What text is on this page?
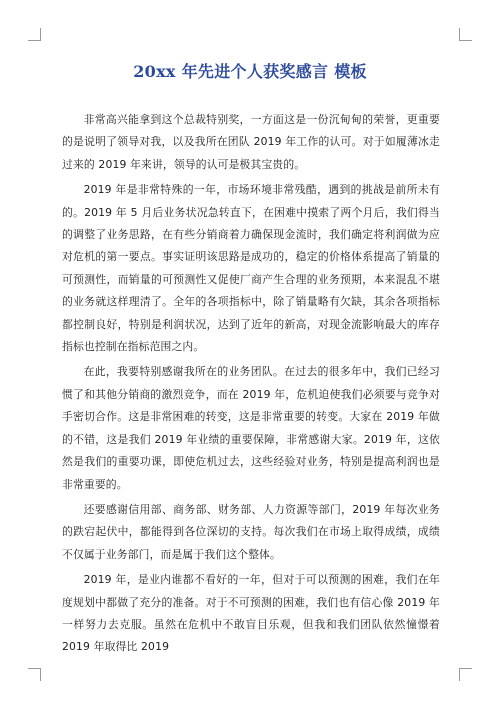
20xx 年先进个人获奖感言 模板

非常高兴能拿到这个总裁特别奖，一方面这是一份沉甸甸的荣誉，更重要的是说明了领导对我，以及我所在团队 2019 年工作的认可。对于如履薄冰走过来的 2019 年来讲，领导的认可是极其宝贵的。

2019 年是非常特殊的一年，市场环境非常残酷，遇到的挑战是前所未有的。2019 年 5 月后业务状况急转直下，在困难中摸索了两个月后，我们得当的调整了业务思路，在有些分销商着力确保现金流时，我们确定将利润做为应对危机的第一要点。事实证明该思路是成功的，稳定的价格体系提高了销量的可预测性，而销量的可预测性又促使厂商产生合理的业务预期，本来混乱不堪的业务就这样理清了。全年的各项指标中，除了销量略有欠缺，其余各项指标都控制良好，特别是利润状况，达到了近年的新高，对现金流影响最大的库存指标也控制在指标范围之内。

在此，我要特别感谢我所在的业务团队。在过去的很多年中，我们已经习惯了和其他分销商的激烈竞争，而在 2019 年，危机迫使我们必须要与竞争对手密切合作。这是非常困难的转变，这是非常重要的转变。大家在 2019 年做的不错，这是我们 2019 年业绩的重要保障，非常感谢大家。2019 年，这依然是我们的重要功课，即使危机过去，这些经验对业务，特别是提高利润也是非常重要的。

还要感谢信用部、商务部、财务部、人力资源等部门，2019 年每次业务的跌宕起伏中，都能得到各位深切的支持。每次我们在市场上取得成绩，成绩不仅属于业务部门，而是属于我们这个整体。

2019 年，是业内谁都不看好的一年，但对于可以预测的困难，我们在年度规划中都做了充分的准备。对于不可预测的困难，我们也有信心像 2019 年一样努力去克服。虽然在危机中不敢盲目乐观，但我和我们团队依然憧憬着 2019 年取得比 2019
